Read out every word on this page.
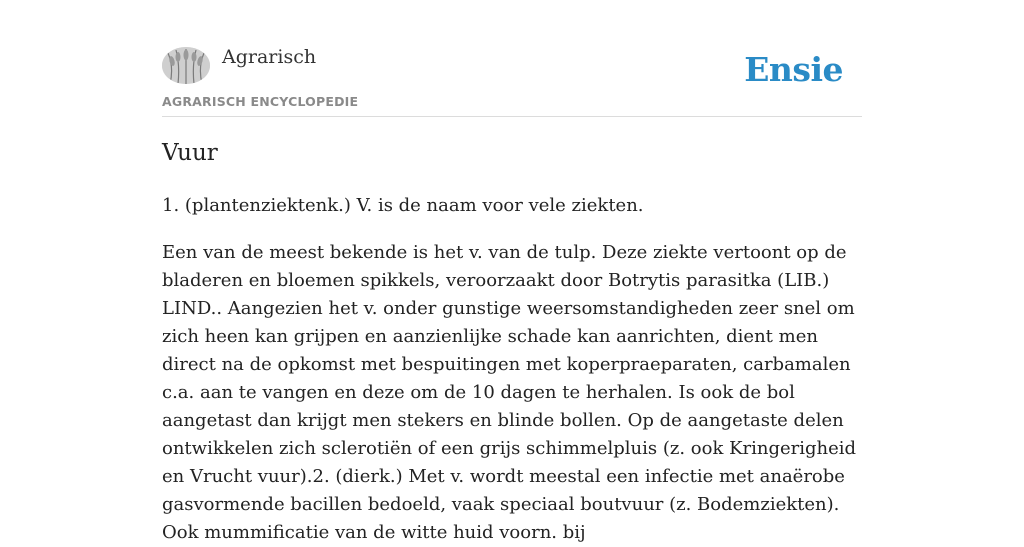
Agrarisch
AGRARISCH ENCYCLOPEDIE
Ensie
Vuur

1. (plantenziektenk.) V. is de naam voor vele ziekten.

Een van de meest bekende is het v. van de tulp. Deze ziekte vertoont op de bladeren en bloemen spikkels, veroorzaakt door Botrytis parasitka (LIB.) LIND.. Aangezien het v. onder gunstige weersomstandigheden zeer snel om zich heen kan grijpen en aanzienlijke schade kan aanrichten, dient men direct na de opkomst met bespuitingen met koperpraeparaten, carbamalen c.a. aan te vangen en deze om de 10 dagen te herhalen. Is ook de bol aangetast dan krijgt men stekers en blinde bollen. Op de aangetaste delen ontwikkelen zich sclerotiën of een grijs schimmelpluis (z. ook Kringerigheid en Vrucht vuur).2. (dierk.) Met v. wordt meestal een infectie met anaërobe gasvormende bacillen bedoeld, vaak speciaal boutvuur (z. Bodemziekten). Ook mummificatie van de witte huid voorn. bij
